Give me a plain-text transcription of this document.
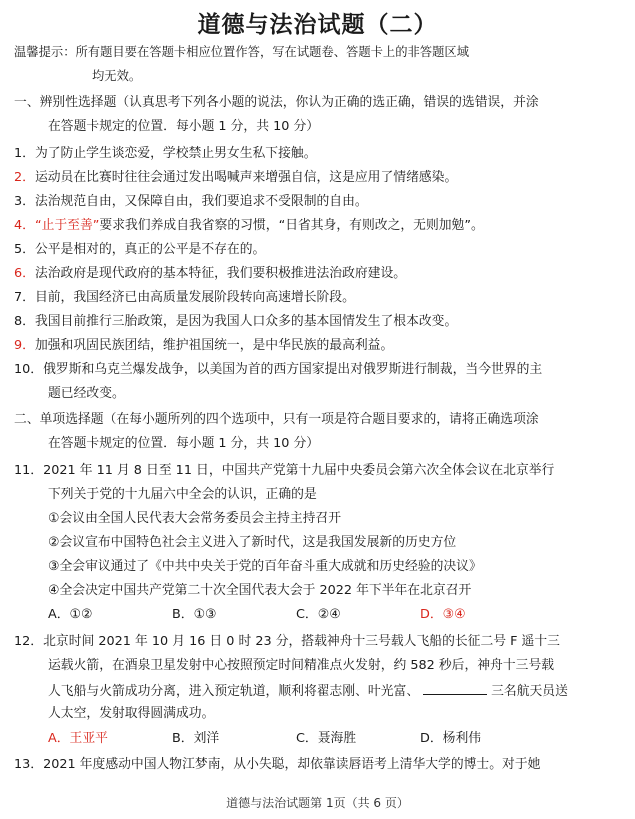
道德与法治试题（二）
温馨提示：所有题目要在答题卡相应位置作答，写在试题卷、答题卡上的非答题区域
均无效。
一、辨别性选择题（认真思考下列各小题的说法，你认为正确的选正确，错误的选错误，并涂
在答题卡规定的位置．每小题 1 分，共 10 分）
1．为了防止学生谈恋爱，学校禁止男女生私下接触。
2．运动员在比赛时往往会通过发出喝喊声来增强自信，这是应用了情绪感染。
3．法治规范自由，又保障自由，我们要追求不受限制的自由。
4．“止于至善”要求我们养成自我省察的习惯，“日省其身，有则改之，无则加勉”。
5．公平是相对的，真正的公平是不存在的。
6．法治政府是现代政府的基本特征，我们要积极推进法治政府建设。
7．目前，我国经济已由高质量发展阶段转向高速增长阶段。
8．我国目前推行三胎政策，是因为我国人口众多的基本国情发生了根本改变。
9．加强和巩固民族团结，维护祖国统一，是中华民族的最高利益。
10．俄罗斯和乌克兰爆发战争，以美国为首的西方国家提出对俄罗斯进行制裁，当今世界的主
题已经改变。
二、单项选择题（在每小题所列的四个选项中，只有一项是符合题目要求的，请将正确选项涂
在答题卡规定的位置．每小题 1 分，共 10 分）
11．2021 年 11 月 8 日至 11 日，中国共产党第十九届中央委员会第六次全体会议在北京举行
下列关于党的十九届六中全会的认识，正确的是
①会议由全国人民代表大会常务委员会主持主持召开
②会议宣布中国特色社会主义进入了新时代，这是我国发展新的历史方位
③全会审议通过了《中共中央关于党的百年奋斗重大成就和历史经验的决议》
④全会决定中国共产党第二十次全国代表大会于 2022 年下半年在北京召开
A．①②	B．①③	C．②④	D．③④
12．北京时间 2021 年 10 月 16 日 0 时 23 分，搭载神舟十三号载人飞船的长征二号 F 遥十三
运载火箭，在酒泉卫星发射中心按照预定时间精准点火发射，约 582 秒后，神舟十三号载
人飞船与火箭成功分离，进入预定轨道，顺利将翟志刚、叶光富、	三名航天员送
人太空，发射取得圆满成功。
A．王亚平	B．刘洋	C．聂海胜	D．杨利伟
13．2021 年度感动中国人物江梦南，从小失聪，却依靠读唇语考上清华大学的博士。对于她
道德与法治试题第 1页（共 6 页）
